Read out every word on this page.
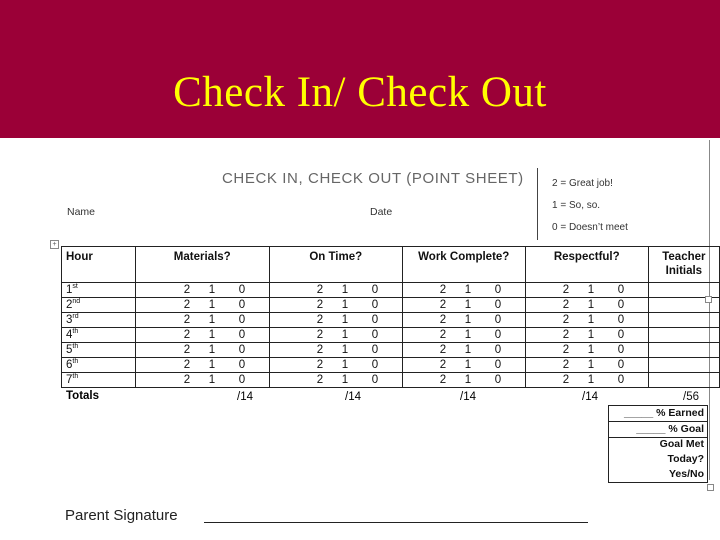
Check In/ Check Out
CHECK IN, CHECK OUT (POINT SHEET)
Name	Date
2 = Great job!
1 = So, so.
0 = Doesn’t meet
+
Hour	Materials?	On Time?	Work Complete?	Respectful?	Teacher Initials
1st	2 1 0	2 1 0	2 1 0	2 1 0	

2nd	2 1 0	2 1 0	2 1 0	2 1 0	

3rd	2 1 0	2 1 0	2 1 0	2 1 0	

4th	2 1 0	2 1 0	2 1 0	2 1 0	

5th	2 1 0	2 1 0	2 1 0	2 1 0	

6th	2 1 0	2 1 0	2 1 0	2 1 0	

7th	2 1 0	2 1 0	2 1 0	2 1 0	

Totals	/14	/14	/14	/14	/56
_____ % Earned
_____ % Goal
Goal Met
Today?
Yes/No
Parent Signature
